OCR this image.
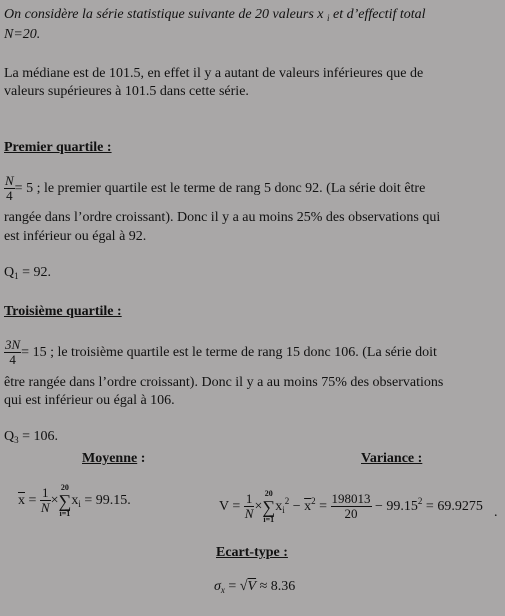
On considère la série statistique suivante de 20 valeurs x $_i$ et d’effectif total
N=20.
La médiane est de 101.5, en effet il y a autant de valeurs inférieures que de
valeurs supérieures à 101.5 dans cette série.
Premier quartile :
$\frac{N}{4} = 5$ ; le premier quartile est le terme de rang 5 donc 92. (La série doit être
rangée dans l’ordre croissant). Donc il y a au moins 25% des observations qui
est inférieur ou égal à 92.
$Q_1 = 92$.
Troisième quartile :
$\frac{3N}{4} = 15$ ; le troisième quartile est le terme de rang 15 donc 106. (La série doit
être rangée dans l’ordre croissant). Donc il y a au moins 75% des observations
qui est inférieur ou égal à 106.
$Q_3 = 106$.
Moyenne :	Variance :
$\overline{x} = \frac{1}{N}$ ×
20
∑
i=1
$x_i = 99.15$.	$V = \frac{1}{N}$ ×
20
∑
i=1
$x_i^2 - \overline{x}^2 = \frac{198013}{20} - 99.15^2 = 69.9275$ .
Ecart-type :
$\sigma_x = √V \approx 8.36$
